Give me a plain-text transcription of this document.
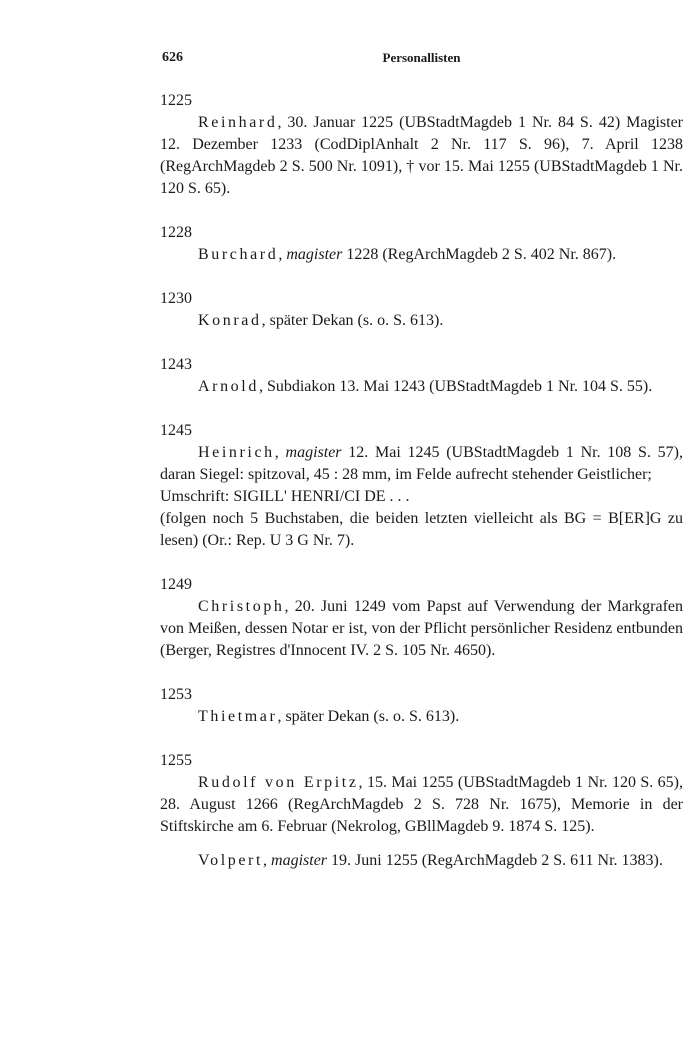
626	Personallisten

1225

Reinhard, 30. Januar 1225 (UBStadtMagdeb 1 Nr. 84 S. 42) Magister 12. Dezember 1233 (CodDiplAnhalt 2 Nr. 117 S. 96), 7. April 1238 (RegArchMagdeb 2 S. 500 Nr. 1091), † vor 15. Mai 1255 (UBStadtMagdeb 1 Nr. 120 S. 65).

1228

Burchard, magister 1228 (RegArchMagdeb 2 S. 402 Nr. 867).

1230

Konrad, später Dekan (s. o. S. 613).

1243

Arnold, Subdiakon 13. Mai 1243 (UBStadtMagdeb 1 Nr. 104 S. 55).

1245

Heinrich, magister 12. Mai 1245 (UBStadtMagdeb 1 Nr. 108 S. 57), daran Siegel: spitzoval, 45 : 28 mm, im Felde aufrecht stehender Geistlicher;

Umschrift: SIGILL' HENRI/CI DE . . .

(folgen noch 5 Buchstaben, die beiden letzten vielleicht als BG = B[ER]G zu lesen) (Or.: Rep. U 3 G Nr. 7).

1249

Christoph, 20. Juni 1249 vom Papst auf Verwendung der Markgrafen von Meißen, dessen Notar er ist, von der Pflicht persönlicher Residenz entbunden (Berger, Registres d'Innocent IV. 2 S. 105 Nr. 4650).

1253

Thietmar, später Dekan (s. o. S. 613).

1255

Rudolf von Erpitz, 15. Mai 1255 (UBStadtMagdeb 1 Nr. 120 S. 65), 28. August 1266 (RegArchMagdeb 2 S. 728 Nr. 1675), Memorie in der Stiftskirche am 6. Februar (Nekrolog, GBllMagdeb 9. 1874 S. 125).

Volpert, magister 19. Juni 1255 (RegArchMagdeb 2 S. 611 Nr. 1383).
